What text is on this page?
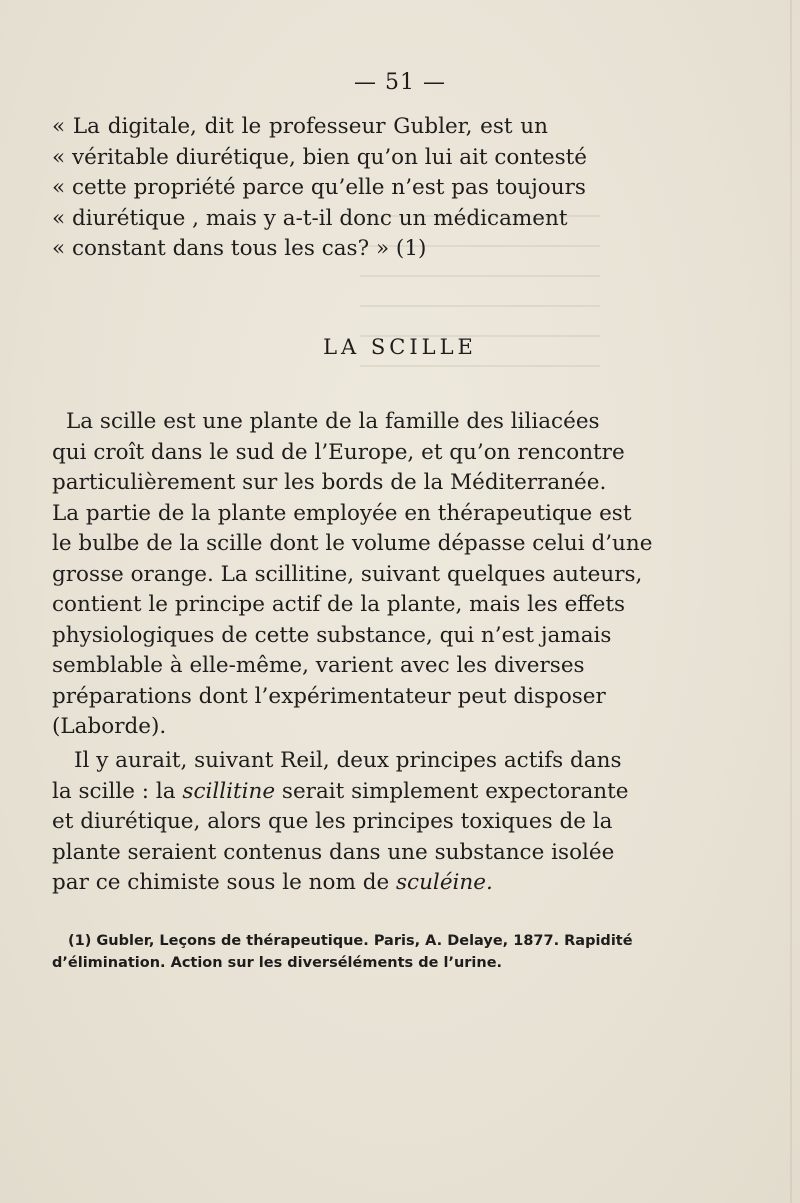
— 51 —
« La digitale, dit le professeur Gubler, est un
« véritable diurétique, bien qu’on lui ait contesté
« cette propriété parce qu’elle n’est pas toujours
« diurétique , mais y a-t-il donc un médicament
« constant dans tous les cas? » (1)
LA SCILLE
La scille est une plante de la famille des liliacées
qui croît dans le sud de l’Europe, et qu’on rencontre
particulièrement sur les bords de la Méditerranée.
La partie de la plante employée en thérapeutique est
le bulbe de la scille dont le volume dépasse celui d’une
grosse orange. La scillitine, suivant quelques auteurs,
contient le principe actif de la plante, mais les effets
physiologiques de cette substance, qui n’est jamais
semblable à elle-même, varient avec les diverses
préparations dont l’expérimentateur peut disposer
(Laborde).
Il y aurait, suivant Reil, deux principes actifs dans
la scille : la scillitine serait simplement expectorante
et diurétique, alors que les principes toxiques de la
plante seraient contenus dans une substance isolée
par ce chimiste sous le nom de sculéine.
(1) Gubler, Leçons de thérapeutique. Paris, A. Delaye, 1877. Rapidité
d’élimination. Action sur les diverséléments de l’urine.
